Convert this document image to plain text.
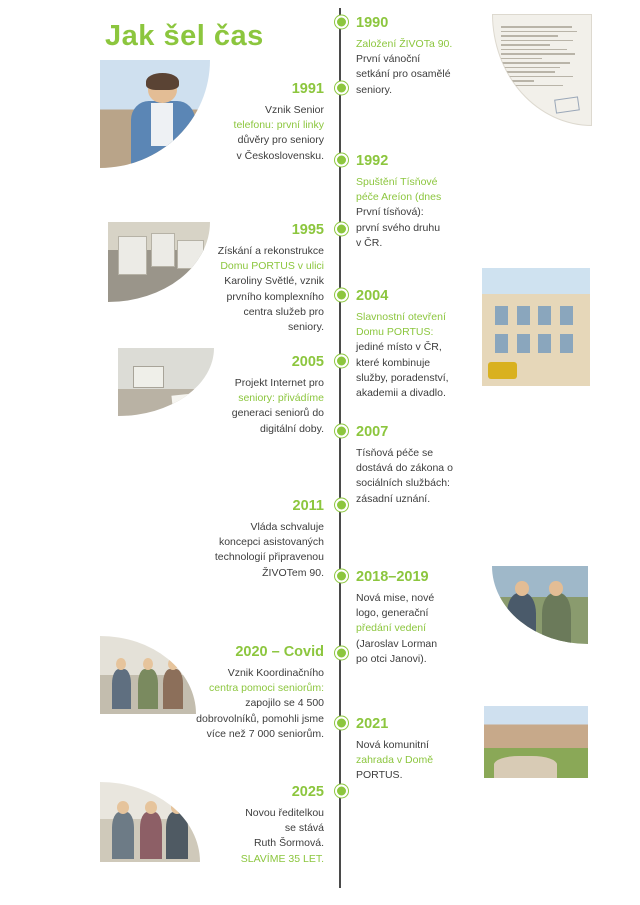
Jak šel čas	1990
Založení ŽIVOTa 90.
První vánoční
setkání pro osamělé
seniory.
1991
Vznik Senior
telefonu: první linky
důvěry pro seniory
v Československu. 1992
Spuštění Tísňové
péče Areíon (dnes
První tísňová):
první svého druhu
v ČR.
1995
Získání a rekonstrukce
Domu PORTUS v ulici
Karoliny Světlé, vznik
prvního komplexního
centra služeb pro
seniory.
2004
Slavnostní otevření
Domu PORTUS:
jediné místo v ČR,
které kombinuje
služby, poradenství,
akademii a divadlo.
2005
Projekt Internet pro
seniory: přivádíme
generaci seniorů do
digitální doby. 2007
Tísňová péče se
dostává do zákona o
sociálních službách:
zásadní uznání.
2011
Vláda schvaluje
koncepci asistovaných
technologií připravenou
ŽIVOTem 90. 2018–2019
Nová mise, nové
logo, generační
předání vedení
(Jaroslav Lorman
po otci Janovi).
2020 – Covid
Vznik Koordinačního
centra pomoci seniorům:
zapojilo se 4 500
dobrovolníků, pomohli jsme
více než 7 000 seniorům.
2021
Nová komunitní
zahrada v Domě
PORTUS.
2025
Novou ředitelkou
se stává
Ruth Šormová.
SLAVÍME 35 LET.
